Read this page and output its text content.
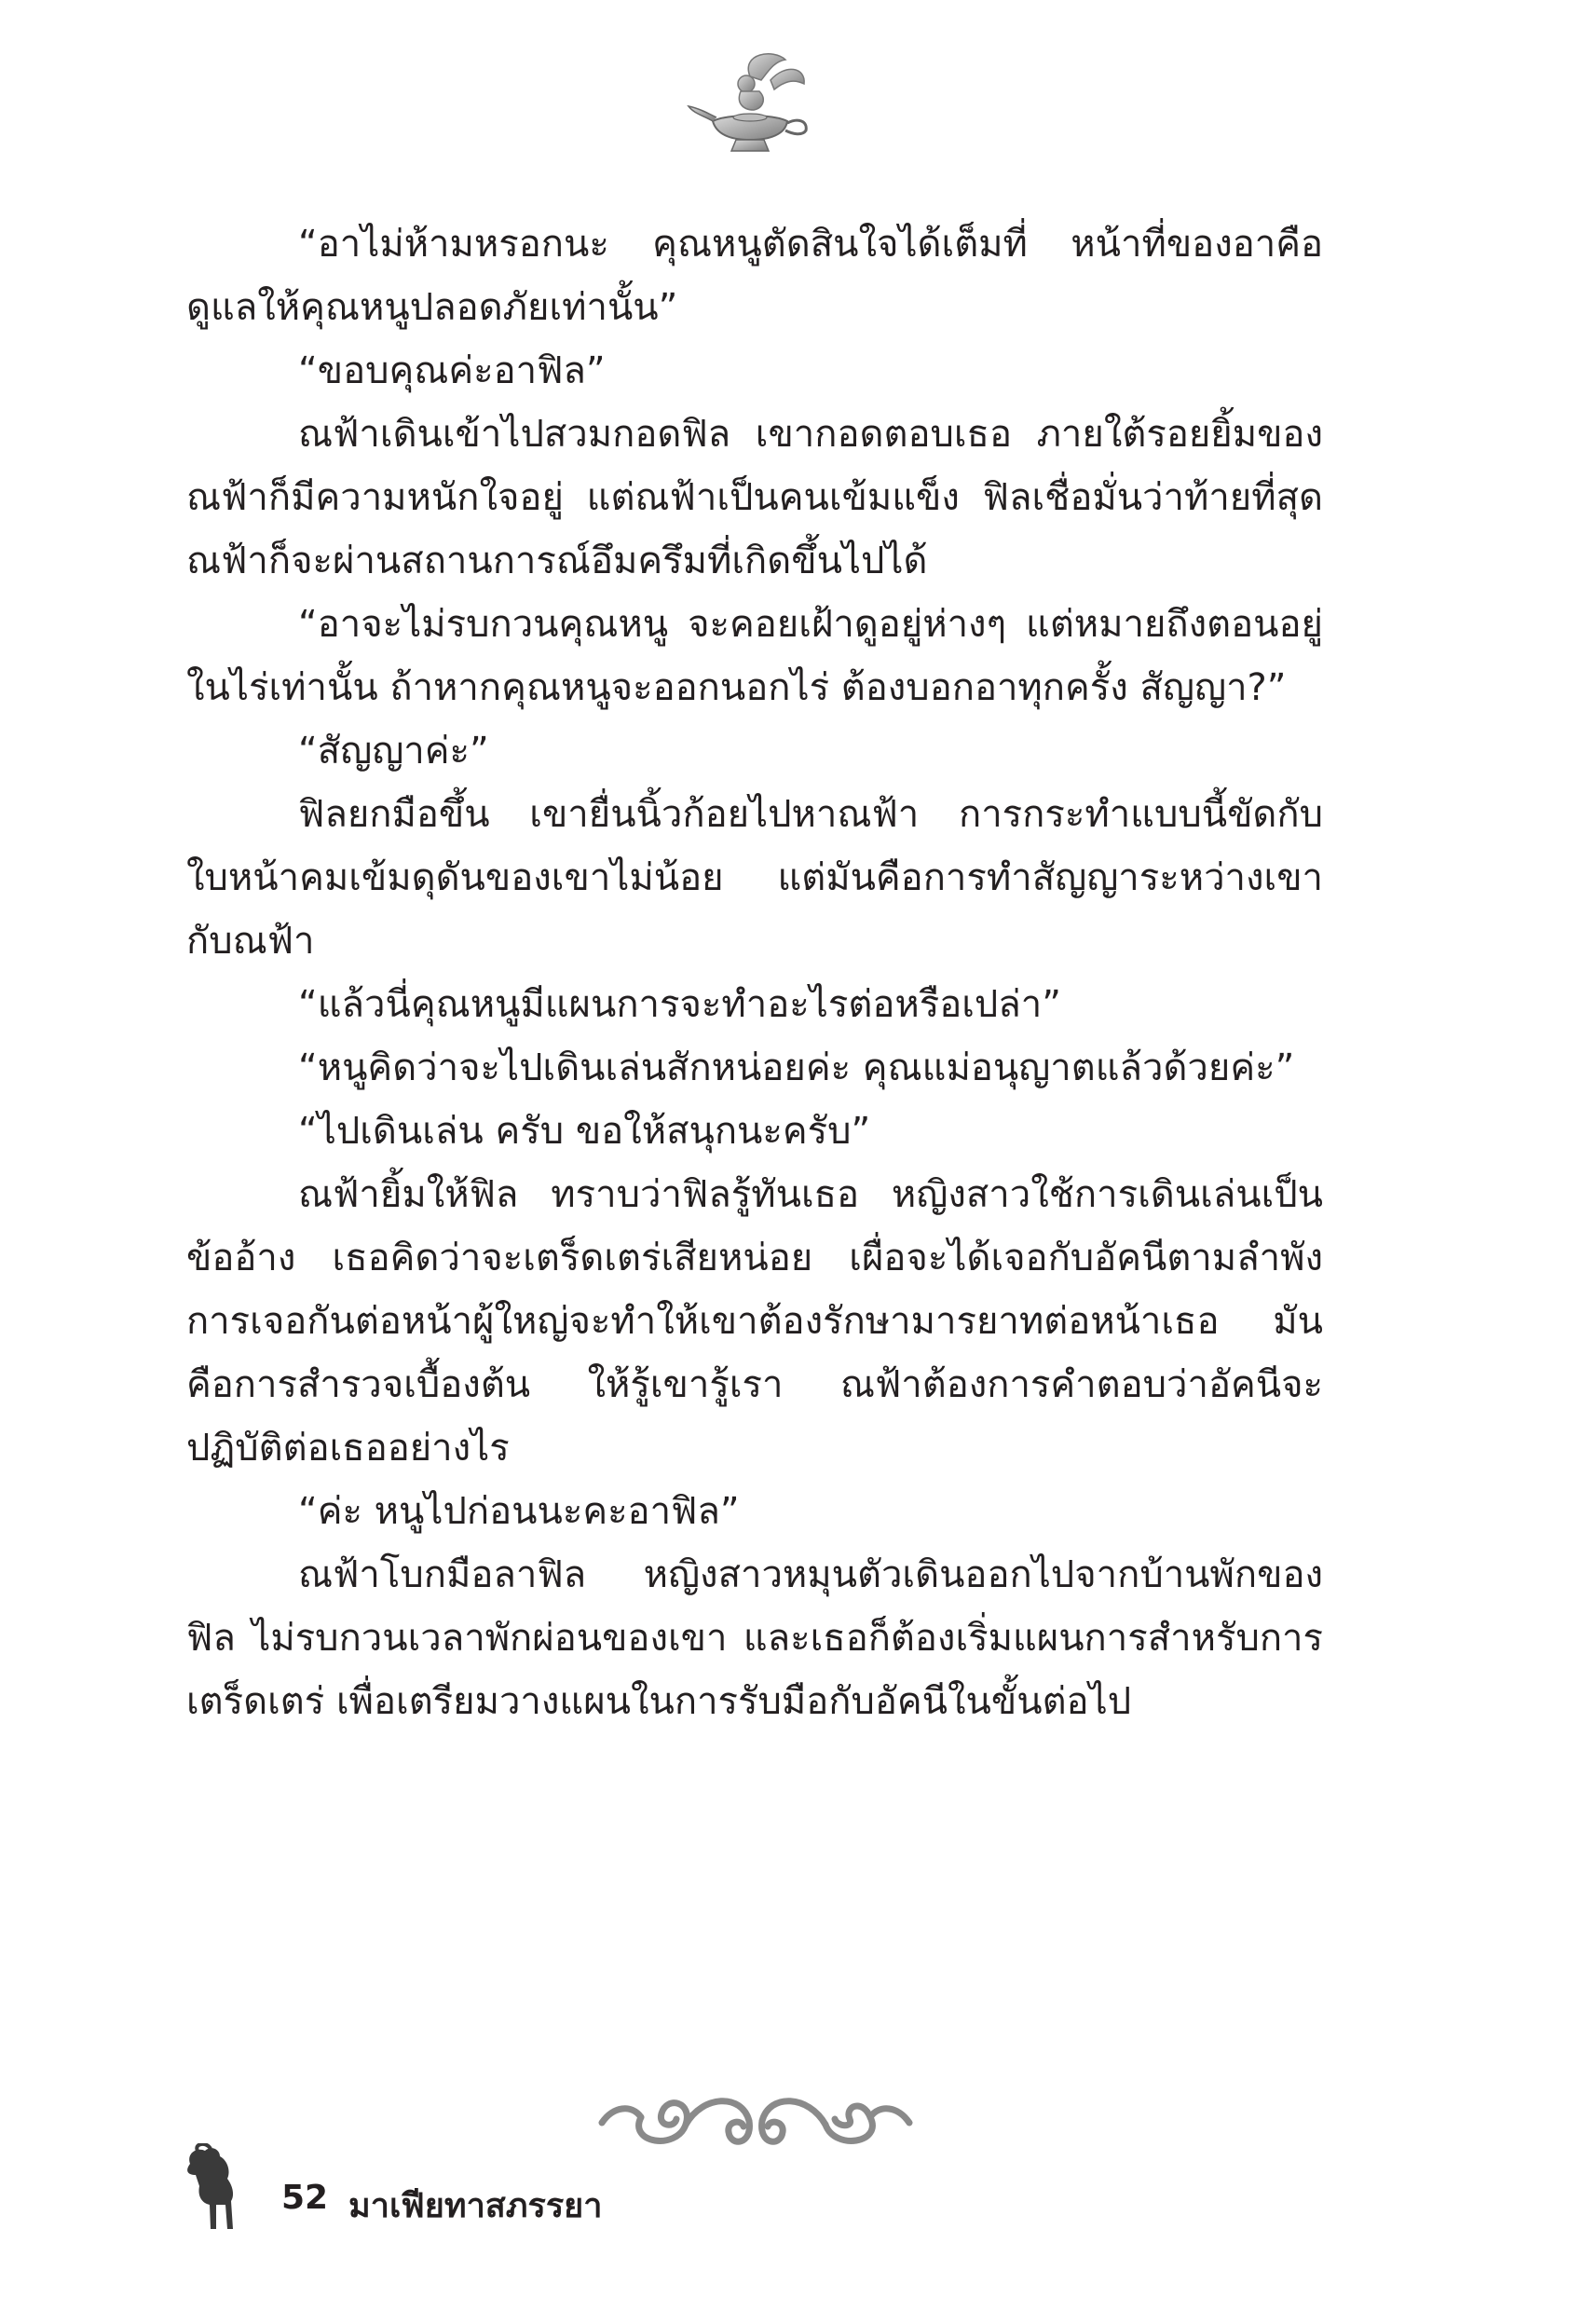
“อาไม่ห้ามหรอกนะ คุณหนูตัดสินใจได้เต็มที่ หน้าที่ของอาคือดูแลให้คุณหนูปลอดภัยเท่านั้น”

“ขอบคุณค่ะอาฟิล”

ณฟ้าเดินเข้าไปสวมกอดฟิล เขากอดตอบเธอ ภายใต้รอยยิ้มของณฟ้าก็มีความหนักใจอยู่ แต่ณฟ้าเป็นคนเข้มแข็ง ฟิลเชื่อมั่นว่าท้ายที่สุดณฟ้าก็จะผ่านสถานการณ์อึมครึมที่เกิดขึ้นไปได้

“อาจะไม่รบกวนคุณหนู จะคอยเฝ้าดูอยู่ห่างๆ แต่หมายถึงตอนอยู่ในไร่เท่านั้น ถ้าหากคุณหนูจะออกนอกไร่ ต้องบอกอาทุกครั้ง สัญญา?”

“สัญญาค่ะ”

ฟิลยกมือขึ้น เขายื่นนิ้วก้อยไปหาณฟ้า การกระทำแบบนี้ขัดกับใบหน้าคมเข้มดุดันของเขาไม่น้อย แต่มันคือการทำสัญญาระหว่างเขากับณฟ้า

“แล้วนี่คุณหนูมีแผนการจะทำอะไรต่อหรือเปล่า”

“หนูคิดว่าจะไปเดินเล่นสักหน่อยค่ะ คุณแม่อนุญาตแล้วด้วยค่ะ”

“ไปเดินเล่น ครับ ขอให้สนุกนะครับ”

ณฟ้ายิ้มให้ฟิล ทราบว่าฟิลรู้ทันเธอ หญิงสาวใช้การเดินเล่นเป็นข้ออ้าง เธอคิดว่าจะเตร็ดเตร่เสียหน่อย เผื่อจะได้เจอกับอัคนีตามลำพัง การเจอกันต่อหน้าผู้ใหญ่จะทำให้เขาต้องรักษามารยาทต่อหน้าเธอ มันคือการสำรวจเบื้องต้น ให้รู้เขารู้เรา ณฟ้าต้องการคำตอบว่าอัคนีจะปฏิบัติต่อเธออย่างไร

“ค่ะ หนูไปก่อนนะคะอาฟิล”

ณฟ้าโบกมือลาฟิล หญิงสาวหมุนตัวเดินออกไปจากบ้านพักของฟิล ไม่รบกวนเวลาพักผ่อนของเขา และเธอก็ต้องเริ่มแผนการสำหรับการเตร็ดเตร่ เพื่อเตรียมวางแผนในการรับมือกับอัคนีในขั้นต่อไป

52 มาเฟียทาสภรรยา
